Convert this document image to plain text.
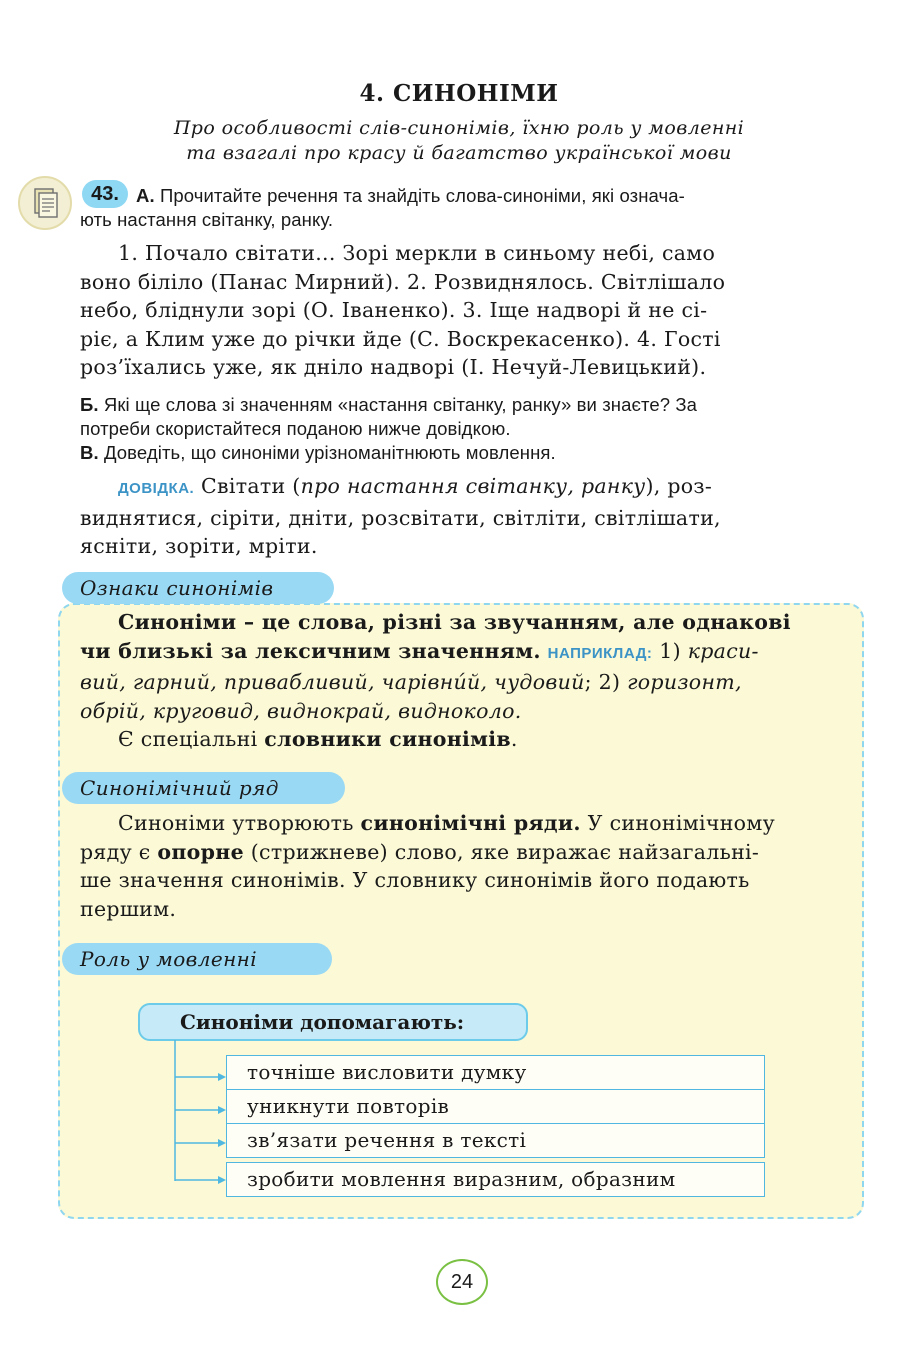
4. СИНОНІМИ
Про особливості слів-синонімів, їхню роль у мовленні
та взагалі про красу й багатство української мови
43. А. Прочитайте речення та знайдіть слова-синоніми, які означа-
ють настання світанку, ранку.
1. Почало світати... Зорі меркли в синьому небі, само
воно біліло (Панас Мирний). 2. Розвиднялось. Світлішало
небо, бліднули зорі (О. Іваненко). 3. Іще надворі й не сі-
ріє, а Клим уже до річки йде (С. Воскрекасенко). 4. Гості
роз’їхались уже, як дніло надворі (І. Нечуй-Левицький).
Б. Які ще слова зі значенням «настання світанку, ранку» ви знаєте? За
потреби скористайтеся поданою нижче довідкою.
В. Доведіть, що синоніми урізноманітнюють мовлення.
ДОВІДКА. Світати (про настання світанку, ранку), роз-
виднятися, сіріти, дніти, розсвітати, світліти, світлішати,
ясніти, зоріти, мріти.
Ознаки синонімів
Синоніми – це слова, різні за звучанням, але однакові
чи близькі за лексичним значенням. НАПРИКЛАД: 1) краси-
вий, гарний, привабливий, чарівни́й, чудовий; 2) горизонт,
обрій, круговид, виднокрай, видноколо.
Є спеціальні словники синонімів.
Синонімічний ряд
Синоніми утворюють синонімічні ряди. У синонімічному
ряду є опорне (стрижневе) слово, яке виражає найзагальні-
ше значення синонімів. У словнику синонімів його подають
першим.
Роль у мовленні
Синоніми допомагають:
точніше висловити думку
уникнути повторів
зв’язати речення в тексті
зробити мовлення виразним, образним
24
